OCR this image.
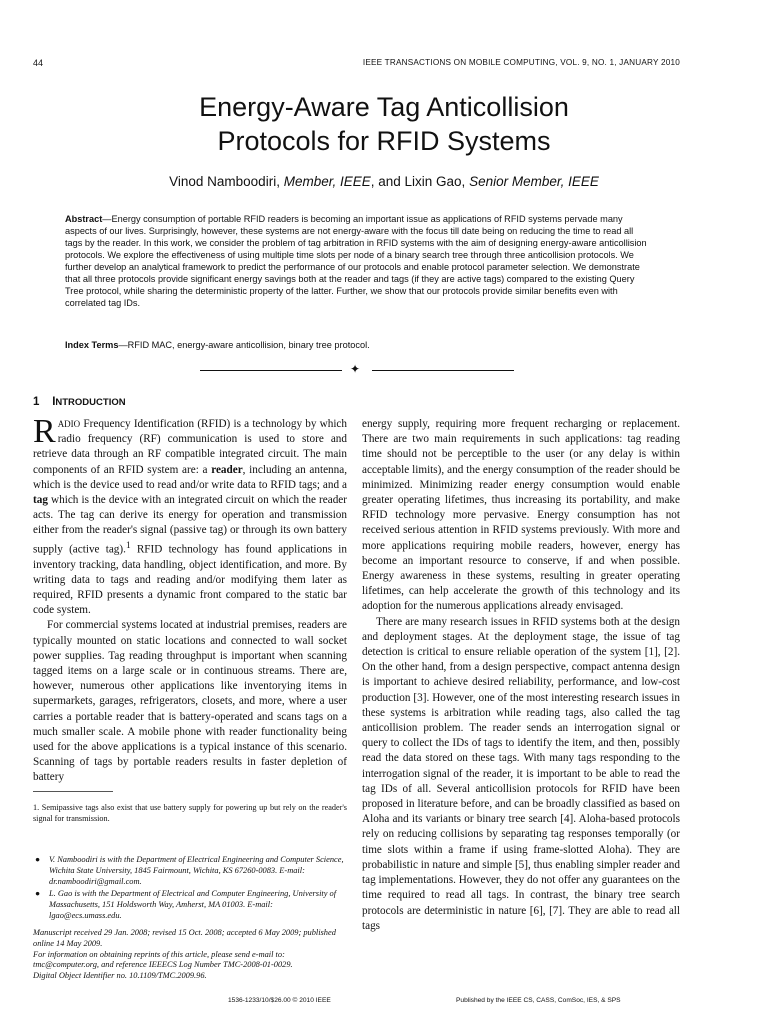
44	IEEE TRANSACTIONS ON MOBILE COMPUTING, VOL. 9, NO. 1, JANUARY 2010
Energy-Aware Tag Anticollision
Protocols for RFID Systems
Vinod Namboodiri, Member, IEEE, and Lixin Gao, Senior Member, IEEE

Abstract—Energy consumption of portable RFID readers is becoming an important issue as applications of RFID systems pervade many aspects of our lives. Surprisingly, however, these systems are not energy-aware with the focus till date being on reducing the time to read all tags by the reader. In this work, we consider the problem of tag arbitration in RFID systems with the aim of designing energy-aware anticollision protocols. We explore the effectiveness of using multiple time slots per node of a binary search tree through three anticollision protocols. We further develop an analytical framework to predict the performance of our protocols and enable protocol parameter selection. We demonstrate that all three protocols provide significant energy savings both at the reader and tags (if they are active tags) compared to the existing Query Tree protocol, while sharing the deterministic property of the latter. Further, we show that our protocols provide similar benefits even with correlated tag IDs.

Index Terms—RFID MAC, energy-aware anticollision, binary tree protocol.

✦
1 INTRODUCTION

RADIO Frequency Identification (RFID) is a technology by which radio frequency (RF) communication is used to store and retrieve data through an RF compatible integrated circuit. The main components of an RFID system are: a reader, including an antenna, which is the device used to read and/or write data to RFID tags; and a tag which is the device with an integrated circuit on which the reader acts. The tag can derive its energy for operation and transmission either from the reader's signal (passive tag) or through its own battery supply (active tag).$^1$ RFID technology has found applications in inventory tracking, data handling, object identification, and more. By writing data to tags and reading and/or modifying them later as required, RFID presents a dynamic front compared to the static bar code system.

For commercial systems located at industrial premises, readers are typically mounted on static locations and connected to wall socket power supplies. Tag reading throughput is important when scanning tagged items on a large scale or in continuous streams. There are, however, numerous other applications like inventorying items in supermarkets, garages, refrigerators, closets, and more, where a user carries a portable reader that is battery-operated and scans tags on a much smaller scale. A mobile phone with reader functionality being used for the above applications is a typical instance of this scenario. Scanning of tags by portable readers results in faster depletion of battery

1. Semipassive tags also exist that use battery supply for powering up but rely on the reader's signal for transmission.
● V. Namboodiri is with the Department of Electrical Engineering and Computer Science, Wichita State University, 1845 Fairmount, Wichita, KS 67260-0083. E-mail: dr.namboodiri@gmail.com.
● L. Gao is with the Department of Electrical and Computer Engineering, University of Massachusetts, 151 Holdsworth Way, Amherst, MA 01003. E-mail: lgao@ecs.umass.edu.
Manuscript received 29 Jan. 2008; revised 15 Oct. 2008; accepted 6 May 2009; published online 14 May 2009.
For information on obtaining reprints of this article, please send e-mail to: tmc@computer.org, and reference IEEECS Log Number TMC-2008-01-0029.
Digital Object Identifier no. 10.1109/TMC.2009.96.

energy supply, requiring more frequent recharging or replacement. There are two main requirements in such applications: tag reading time should not be perceptible to the user (or any delay is within acceptable limits), and the energy consumption of the reader should be minimized. Minimizing reader energy consumption would enable greater operating lifetimes, thus increasing its portability, and make RFID technology more pervasive. Energy consumption has not received serious attention in RFID systems previously. With more and more applications requiring mobile readers, however, energy has become an important resource to conserve, if and when possible. Energy awareness in these systems, resulting in greater operating lifetimes, can help accelerate the growth of this technology and its adoption for the numerous applications already envisaged.

There are many research issues in RFID systems both at the design and deployment stages. At the deployment stage, the issue of tag detection is critical to ensure reliable operation of the system [1], [2]. On the other hand, from a design perspective, compact antenna design is important to achieve desired reliability, performance, and low-cost production [3]. However, one of the most interesting research issues in these systems is arbitration while reading tags, also called the tag anticollision problem. The reader sends an interrogation signal or query to collect the IDs of tags to identify the item, and then, possibly read the data stored on these tags. With many tags responding to the interrogation signal of the reader, it is important to be able to read the tag IDs of all. Several anticollision protocols for RFID have been proposed in literature before, and can be broadly classified as based on Aloha and its variants or binary tree search [4]. Aloha-based protocols rely on reducing collisions by separating tag responses temporally (or time slots within a frame if using frame-slotted Aloha). They are probabilistic in nature and simple [5], thus enabling simpler reader and tag implementations. However, they do not offer any guarantees on the time required to read all tags. In contrast, the binary tree search protocols are deterministic in nature [6], [7]. They are able to read all tags

1536-1233/10/$26.00 © 2010 IEEE	Published by the IEEE CS, CASS, ComSoc, IES, & SPS
